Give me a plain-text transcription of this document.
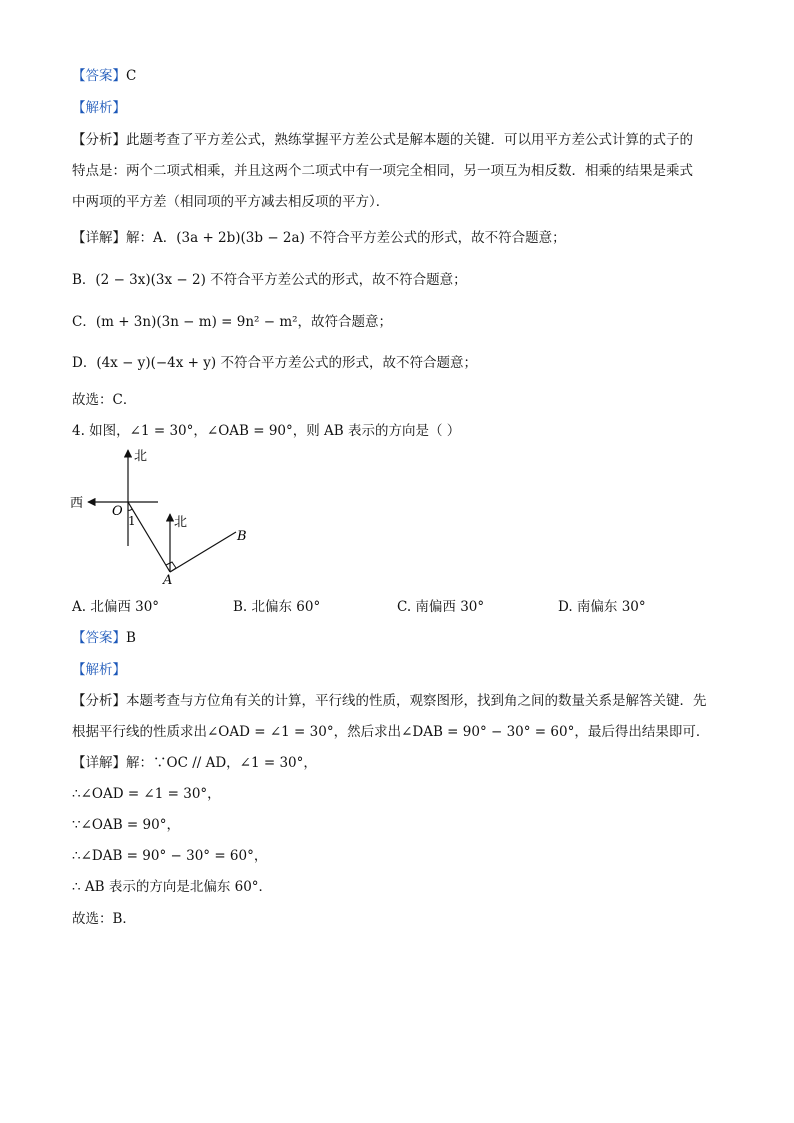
【答案】C
【解析】
【分析】此题考查了平方差公式，熟练掌握平方差公式是解本题的关键．可以用平方差公式计算的式子的
特点是：两个二项式相乘，并且这两个二项式中有一项完全相同，另一项互为相反数．相乘的结果是乘式
中两项的平方差（相同项的平方减去相反项的平方）．
【详解】解：A．(3a + 2b)(3b − 2a) 不符合平方差公式的形式，故不符合题意；
B．(2 − 3x)(3x − 2) 不符合平方差公式的形式，故不符合题意；
C．(m + 3n)(3n − m) = 9n² − m²，故符合题意；
D．(4x − y)(−4x + y) 不符合平方差公式的形式，故不符合题意；
故选：C．
4. 如图，∠1 = 30°，∠OAB = 90°，则 AB 表示的方向是（ ）
北
西
O
1	北
A
B
A. 北偏西 30°	B. 北偏东 60°	C. 南偏西 30°	D. 南偏东 30°
【答案】B
【解析】
【分析】本题考查与方位角有关的计算，平行线的性质，观察图形，找到角之间的数量关系是解答关键．先
根据平行线的性质求出∠OAD = ∠1 = 30°，然后求出∠DAB = 90° − 30° = 60°，最后得出结果即可．
【详解】解：∵OC // AD，∠1 = 30°，
∴∠OAD = ∠1 = 30°，
∵∠OAB = 90°，
∴∠DAB = 90° − 30° = 60°，
∴ AB 表示的方向是北偏东 60°．
故选：B．
